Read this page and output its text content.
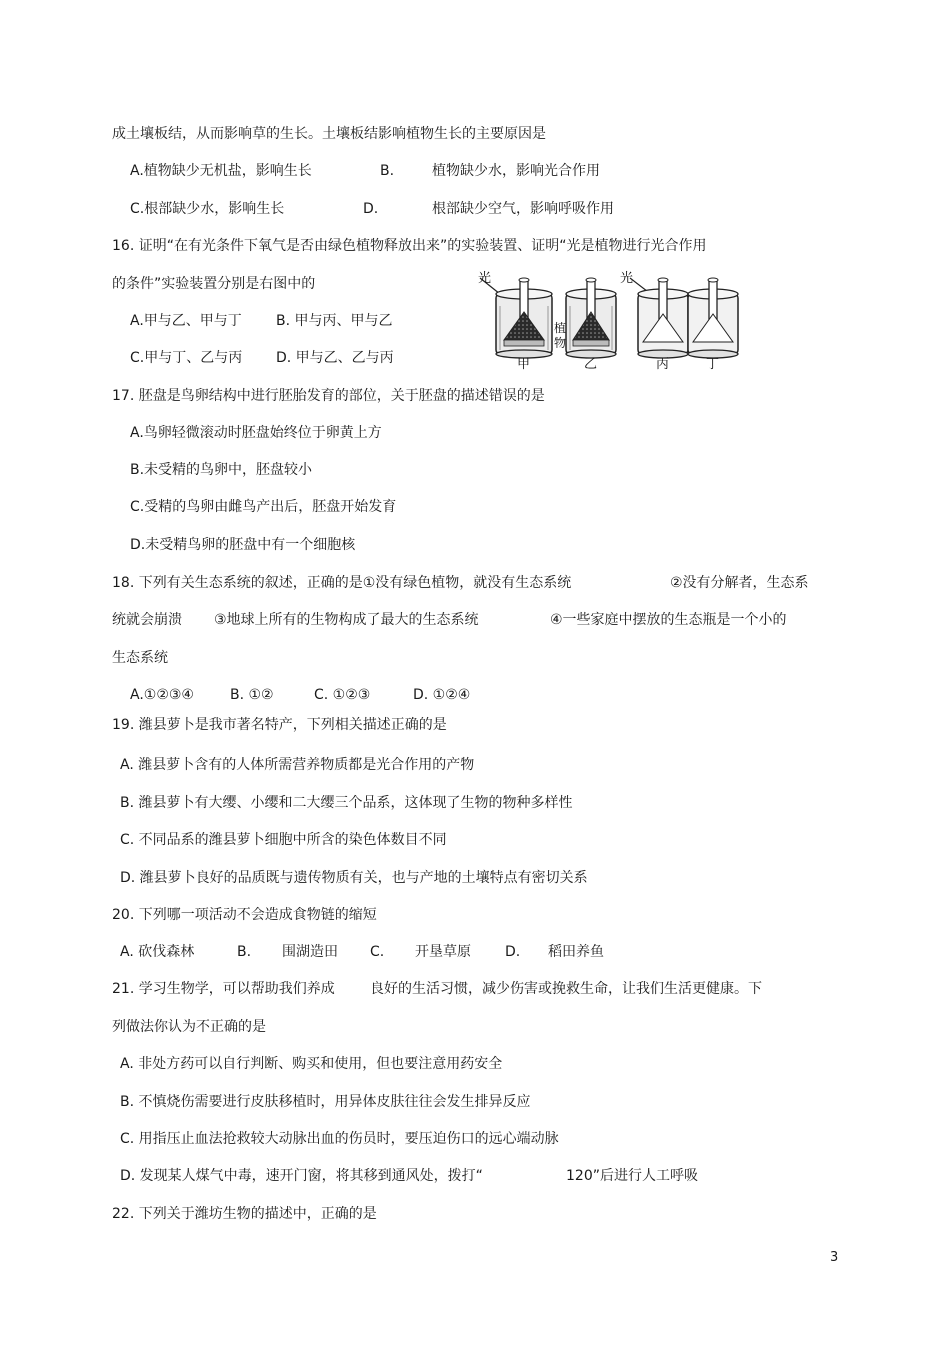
成土壤板结，从而影响草的生长。土壤板结影响植物生长的主要原因是
A.植物缺少无机盐，影响生长	B.	植物缺少水，影响光合作用
C.根部缺少水，影响生长	D.	根部缺少空气，影响呼吸作用
16. 证明“在有光条件下氧气是否由绿色植物释放出来”的实验装置、证明“光是植物进行光合作用
的条件”实验装置分别是右图中的
A.甲与乙、甲与丁 B. 甲与丙、甲与乙
C.甲与丁、乙与丙 D. 甲与乙、乙与丙
光	光
植
物
甲	乙	丙	丁
17. 胚盘是鸟卵结构中进行胚胎发育的部位，关于胚盘的描述错误的是
A.鸟卵轻微滚动时胚盘始终位于卵黄上方
B.未受精的鸟卵中，胚盘较小
C.受精的鸟卵由雌鸟产出后，胚盘开始发育
D.未受精鸟卵的胚盘中有一个细胞核
18. 下列有关生态系统的叙述，正确的是①没有绿色植物，就没有生态系统	②没有分解者，生态系
统就会崩溃 ③地球上所有的生物构成了最大的生态系统	④一些家庭中摆放的生态瓶是一个小的
生态系统
A.①②③④	B. ①②	C. ①②③	D. ①②④
19. 潍县萝卜是我市著名特产，下列相关描述正确的是
A. 潍县萝卜含有的人体所需营养物质都是光合作用的产物
B. 潍县萝卜有大缨、小缨和二大缨三个品系，这体现了生物的物种多样性
C. 不同品系的潍县萝卜细胞中所含的染色体数目不同
D. 潍县萝卜良好的品质既与遗传物质有关，也与产地的土壤特点有密切关系
20. 下列哪一项活动不会造成食物链的缩短
A. 砍伐森林	B. 围湖造田 C. 开垦草原 D. 稻田养鱼
21. 学习生物学，可以帮助我们养成	良好的生活习惯，减少伤害或挽救生命，让我们生活更健康。下
列做法你认为不正确的是
A. 非处方药可以自行判断、购买和使用，但也要注意用药安全
B. 不慎烧伤需要进行皮肤移植时，用异体皮肤往往会发生排异反应
C. 用指压止血法抢救较大动脉出血的伤员时，要压迫伤口的远心端动脉
D. 发现某人煤气中毒，速开门窗，将其移到通风处，拨打“	120”后进行人工呼吸
22. 下列关于潍坊生物的描述中，正确的是
3
